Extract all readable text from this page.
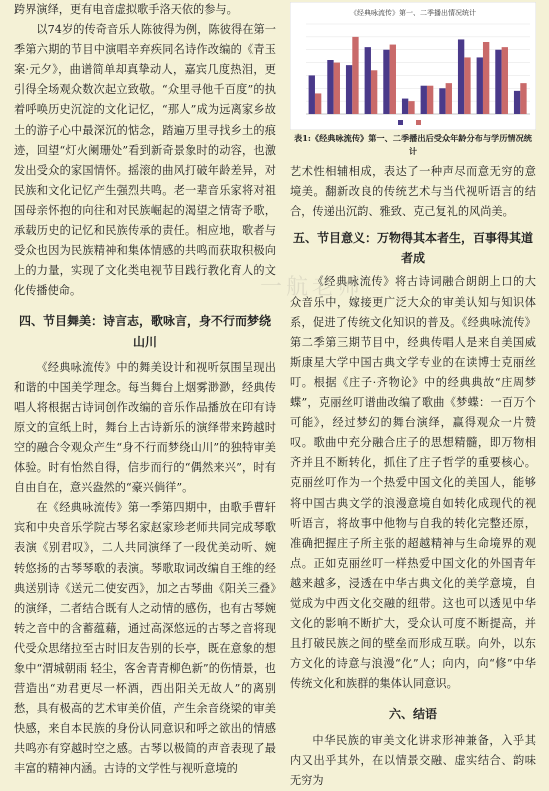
跨界演绎，更有电音虚拟歌手洛天依的参与。

以74岁的传奇音乐人陈彼得为例，陈彼得在第一季第六期的节目中演唱辛弃疾同名诗作改编的《青玉案·元夕》，曲谱简单却真挚动人，嘉宾几度热泪，更引得全场观众数次起立致敬。“众里寻他千百度”的执着呼唤历史沉淀的文化记忆，“那人”成为远离家乡故土的游子心中最深沉的惦念，踏遍万里寻找乡土的痕迹，回望“灯火阑珊处”看到新奇景象时的动容，也激发出受众的家国情怀。摇滚的曲风打破年龄差异，对民族和文化记忆产生强烈共鸣。老一辈音乐家将对祖国母亲怀抱的向往和对民族崛起的渴望之情寄予歌，承载历史的记忆和民族传承的责任。相应地，歌者与受众也因为民族精神和集体情感的共鸣而获取积极向上的力量，实现了文化类电视节目践行教化育人的文化传播使命。

四、节目舞美：诗言志，歌咏言，身不行而梦绕山川

《经典咏流传》中的舞美设计和视听氛围呈现出和谐的中国美学理念。每当舞台上烟雾渺渺，经典传唱人将根据古诗词创作改编的音乐作品播放在印有诗原文的宣纸上时，舞台上古诗新乐的演绎带来跨越时空的融合令观众产生“身不行而梦绕山川”的独特审美体验。时有怡然自得，信步而行的“偶然来兴”，时有自由自在，意兴盎然的“豪兴倘徉”。

在《经典咏流传》第一季第四期中，由歌手曹轩宾和中央音乐学院古琴名家赵家珍老师共同完成琴歌表演《别君叹》，二人共同演绎了一段优美动听、婉转悠扬的古琴琴歌的表演。琴歌取词改编自王维的经典送别诗《送元二使安西》，加之古琴曲《阳关三叠》的演绎，二者结合既有人之动情的感伤，也有古琴婉转之音中的含蓄蕴藉，通过高深悠远的古琴之音将现代受众思绪拉至古时旧友告别的长亭，既在意象的想象中“渭城朝雨 轻尘，客舍青青柳色新”的伤情景，也营造出“劝君更尽一杯酒，西出阳关无故人”的离别愁，具有极高的艺术审美价值，产生余音绕梁的审美快感，来自本民族的身份认同意识和呼之欲出的情感共鸣亦有穿越时空之感。古琴以极简的声音表现了最丰富的精神内涵。古诗的文学性与视听意境的

《经典咏流传》第一、二季播出情况统计
表1:《经典咏流传》第一、二季播出后受众年龄分布与学历情况统计

艺术性相辅相成，表达了一种声尽而意无穷的意境美。翻新改良的传统艺术与当代视听语言的结合，传递出沉韵、雅致、克己复礼的风尚美。

五、节目意义：万物得其本者生，百事得其道者成

《经典咏流传》将古诗词融合朗朗上口的大众音乐中，嫁接更广泛大众的审美认知与知识体系，促进了传统文化知识的普及。《经典咏流传》第二季第三期节目中，经典传唱人是来自美国威斯康星大学中国古典文学专业的在读博士克丽丝叮。根据《庄子·齐物论》中的经典典故“庄周梦蝶”，克丽丝叮谱曲改编了歌曲《梦蝶：一百万个可能》，经过梦幻的舞台演绎，赢得观众一片赞叹。歌曲中充分融合庄子的思想精髓，即万物相齐并且不断转化，抓住了庄子哲学的重要核心。克丽丝叮作为一个热爱中国文化的美国人，能够将中国古典文学的浪漫意境自如转化成现代的视听语言，将故事中他物与自我的转化完整还原，准确把握庄子所主张的超越精神与生命境界的观点。正如克丽丝叮一样热爱中国文化的外国青年越来越多，浸透在中华古典文化的美学意境，自觉成为中西文化交融的纽带。这也可以透见中华文化的影响不断扩大，受众认可度不断提高，并且打破民族之间的壁垒而形成互联。向外，以东方文化的诗意与浪漫“化”人；向内，向“修”中华传统文化和族群的集体认同意识。

六、结语

中华民族的审美文化讲求形神兼备，入乎其内又出乎其外，在以情景交融、虚实结合、韵味无穷为

一航老师
